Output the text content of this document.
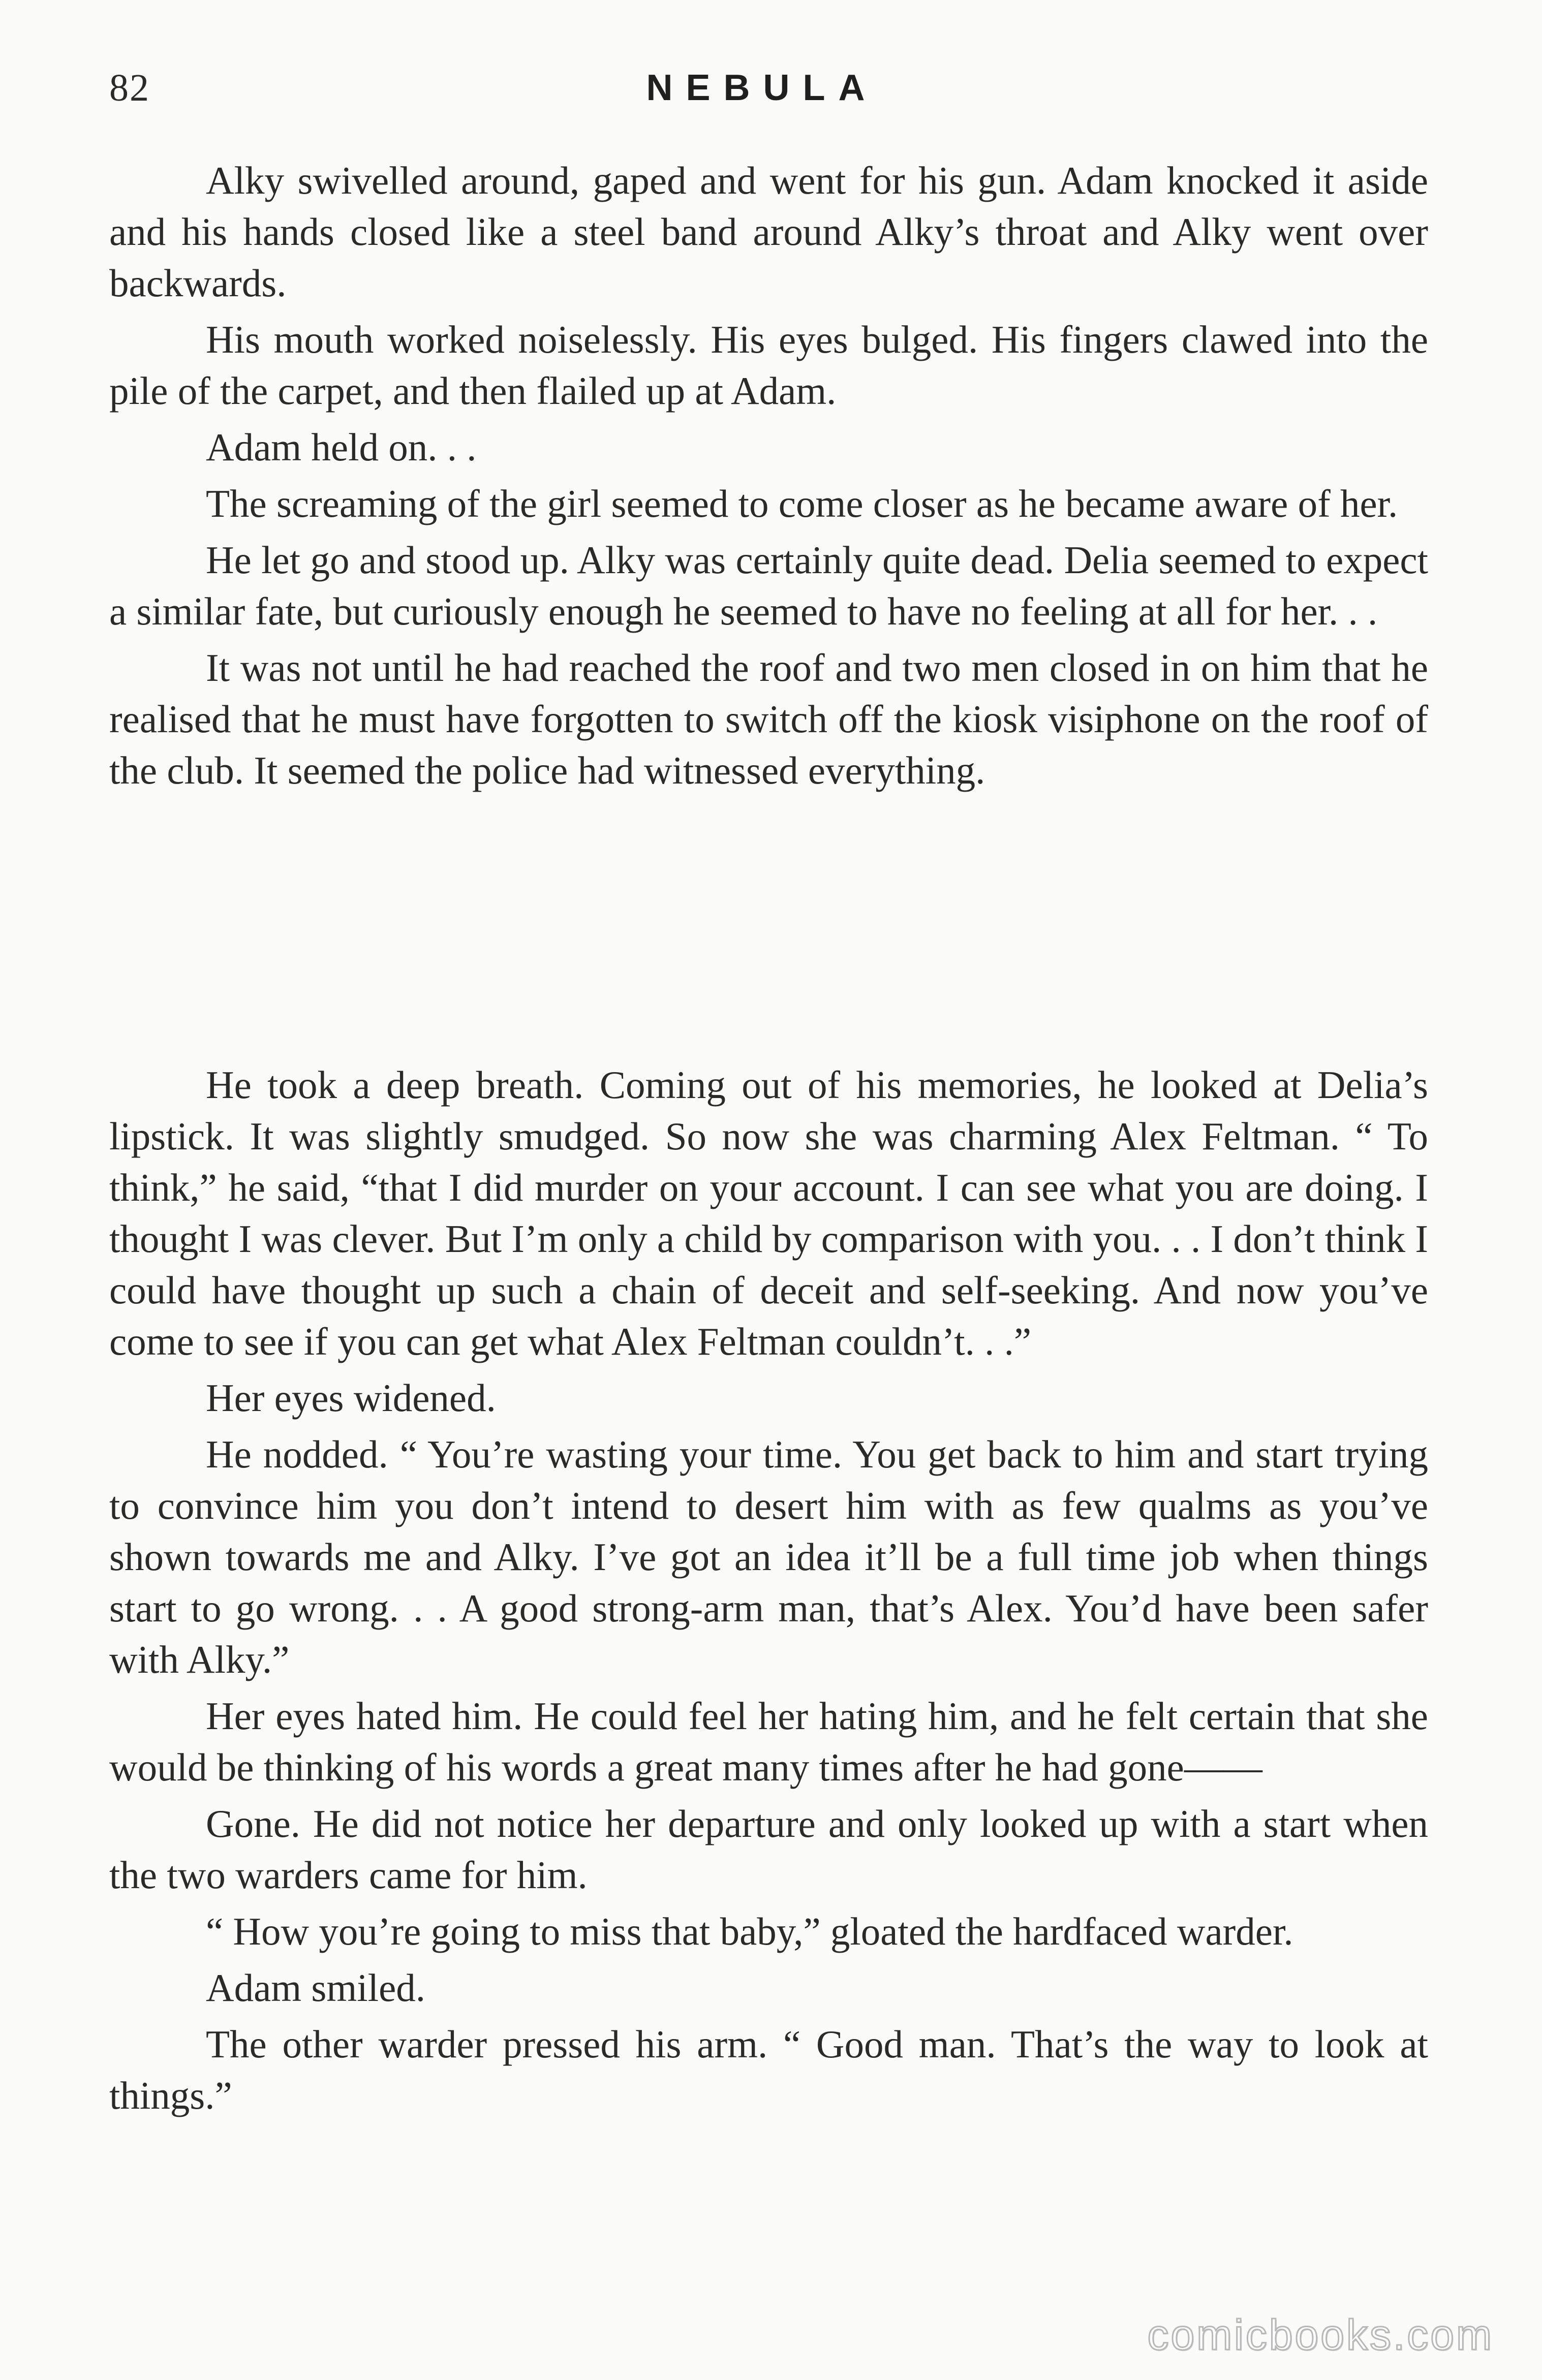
82	NEBULA

Alky swivelled around, gaped and went for his gun. Adam knocked it aside and his hands closed like a steel band around Alky’s throat and Alky went over backwards.

His mouth worked noiselessly. His eyes bulged. His fingers clawed into the pile of the carpet, and then flailed up at Adam.

Adam held on. . .

The screaming of the girl seemed to come closer as he became aware of her.

He let go and stood up. Alky was certainly quite dead. Delia seemed to expect a similar fate, but curiously enough he seemed to have no feeling at all for her. . .

It was not until he had reached the roof and two men closed in on him that he realised that he must have forgotten to switch off the kiosk visiphone on the roof of the club. It seemed the police had witnessed everything.

He took a deep breath. Coming out of his memories, he looked at Delia’s lipstick. It was slightly smudged. So now she was charming Alex Feltman. “ To think,” he said, “that I did murder on your account. I can see what you are doing. I thought I was clever. But I’m only a child by comparison with you. . . I don’t think I could have thought up such a chain of deceit and self-seeking. And now you’ve come to see if you can get what Alex Feltman couldn’t. . .”

Her eyes widened.

He nodded. “ You’re wasting your time. You get back to him and start trying to convince him you don’t intend to desert him with as few qualms as you’ve shown towards me and Alky. I’ve got an idea it’ll be a full time job when things start to go wrong. . . A good strong-arm man, that’s Alex. You’d have been safer with Alky.”

Her eyes hated him. He could feel her hating him, and he felt certain that she would be thinking of his words a great many times after he had gone——

Gone. He did not notice her departure and only looked up with a start when the two warders came for him.

“ How you’re going to miss that baby,” gloated the hardfaced warder.

Adam smiled.

The other warder pressed his arm. “ Good man. That’s the way to look at things.”

comicbooks.com
